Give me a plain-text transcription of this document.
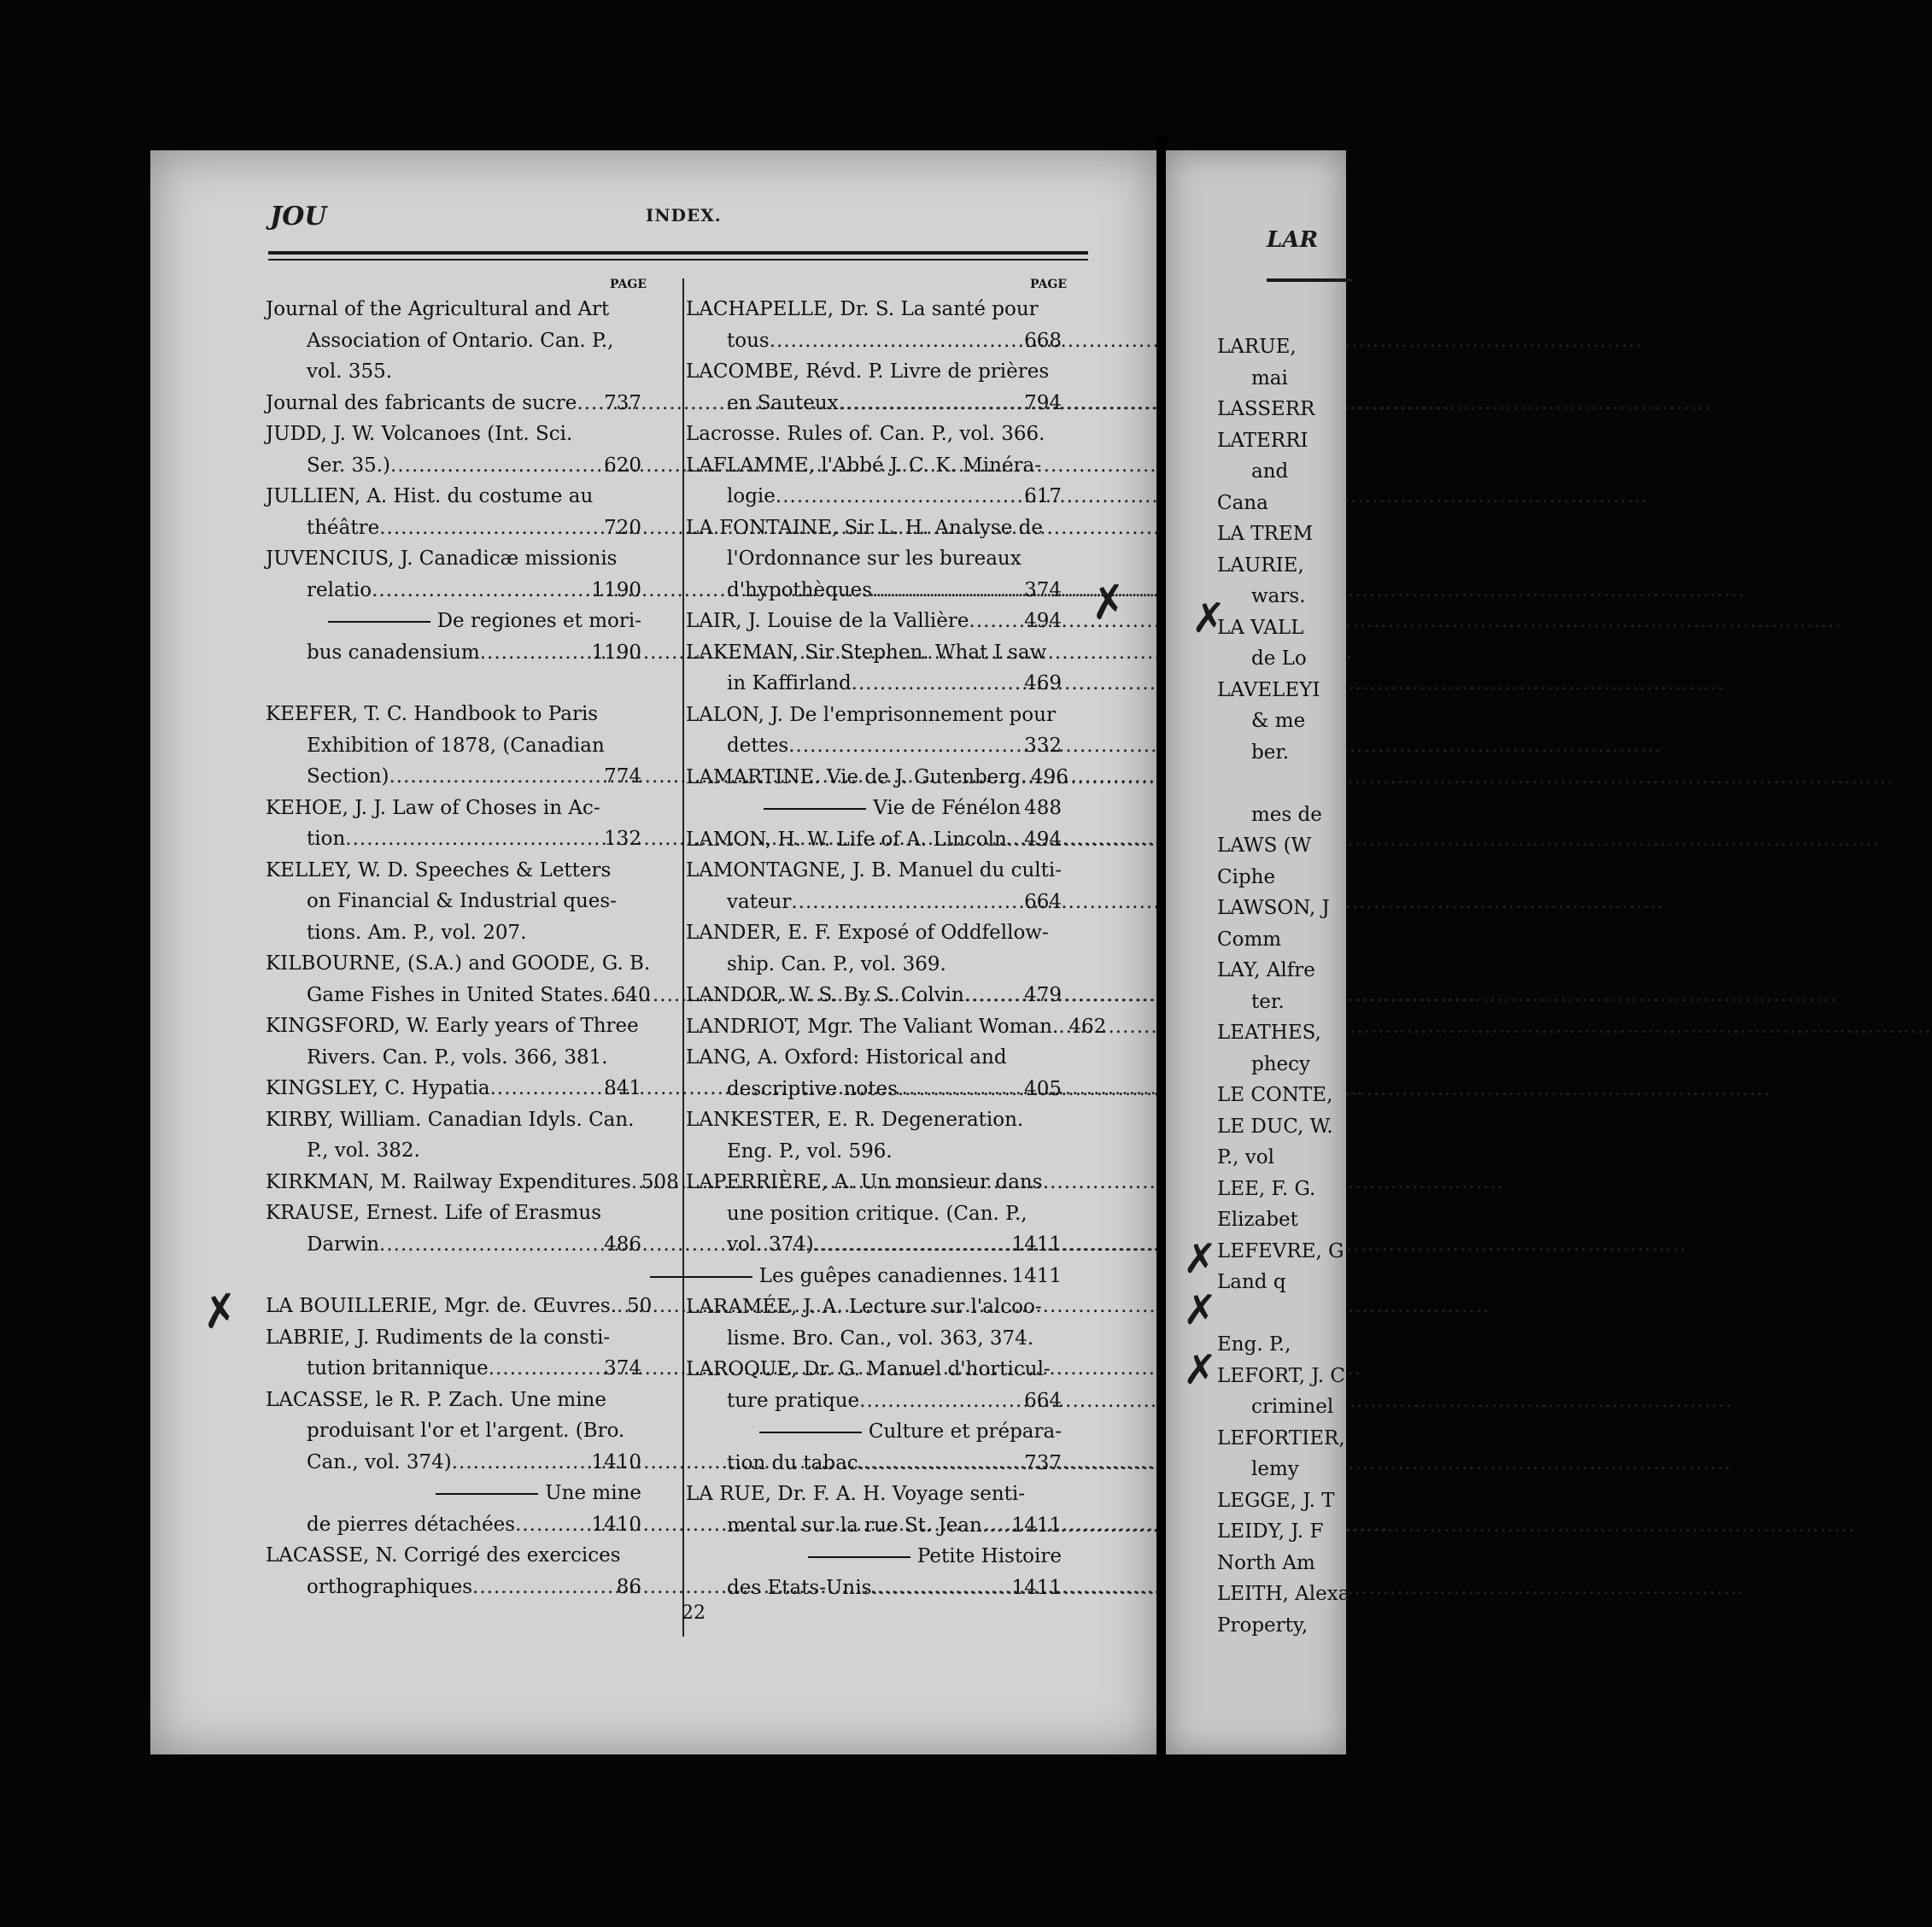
JOU	INDEX.
PAGE
Journal of the Agricultural and Art
Association of Ontario. Can. P.,
vol. 355.
Journal des fabricants de sucre ..... 737
JUDD, J. W. Volcanoes (Int. Sci.
Ser. 35.) .....	620
JULLIEN, A. Hist. du costume au
théâtre .....	720
JUVENCIUS, J. Canadicæ missionis
relatio .....	1190
De regiones et mori-
bus canadensium .....	1190
KEEFER, T. C. Handbook to Paris
Exhibition of 1878, (Canadian
Section) .....	774
KEHOE, J. J. Law of Choses in Ac-
tion .....	132
KELLEY, W. D. Speeches & Letters
on Financial & Industrial ques-
tions. Am. P., vol. 207.
KILBOURNE, (S.A.) and GOODE, G. B.
Game Fishes in United States ..... 640
KINGSFORD, W. Early years of Three
Rivers. Can. P., vols. 366, 381.
KINGSLEY, C. Hypatia .....	841
KIRBY, William. Canadian Idyls. Can.
P., vol. 382.
KIRKMAN, M. Railway Expenditures ..... 508
KRAUSE, Ernest. Life of Erasmus
Darwin .....	486
LA BOUILLERIE, Mgr. de. Œuvres. ..... 50
LABRIE, J. Rudiments de la consti-
tution britannique .....	374
LACASSE, le R. P. Zach. Une mine
produisant l'or et l'argent. (Bro.
Can., vol. 374) .....	1410
Une mine
de pierres détachées .....	1410
LACASSE, N. Corrigé des exercices
orthographiques .....	86
PAGE
LACHAPELLE, Dr. S. La santé pour
tous .....	668
LACOMBE, Révd. P. Livre de prières
en Sauteux .....	794
Lacrosse. Rules of. Can. P., vol. 366.
LAFLAMME, l'Abbé J. C. K. Minéra-
logie .....	617
LA FONTAINE, Sir L. H. Analyse de
l'Ordonnance sur les bureaux
d'hypothèques .....	374
LAIR, J. Louise de la Vallière .....	494
LAKEMAN, Sir Stephen. What I saw
in Kaffirland .....	469
LALON, J. De l'emprisonnement pour
dettes .....	332
LAMARTINE. Vie de J. Gutenberg ..... 496
Vie de Fénélon 488
LAMON, H. W. Life of A. Lincoln ..... 494
LAMONTAGNE, J. B. Manuel du culti-
vateur .....	664
LANDER, E. F. Exposé of Oddfellow-
ship. Can. P., vol. 369.
LANDOR, W. S. By S. Colvin .....	479
LANDRIOT, Mgr. The Valiant Woman. ..... 462
LANG, A. Oxford: Historical and
descriptive notes .....	405
LANKESTER, E. R. Degeneration.
Eng. P., vol. 596.
LAPERRIÈRE, A. Un monsieur dans
une position critique. (Can. P.,
vol. 374) .....	1411
Les guêpes canadiennes. 1411
LARAMÉE, J. A. Lecture sur l'alcoo-
lisme. Bro. Can., vol. 363, 374.
LAROQUE, Dr. G. Manuel d'horticul-
ture pratique .....	664
Culture et prépara-
tion du tabac .....	737
LA RUE, Dr. F. A. H. Voyage senti-
mental sur la rue St. Jean ..... 1411
Petite Histoire
des Etats-Unis .....	1411
22
✗
✗
LAR
LARUE,
mai
LASSERR
LATERRI
and
Cana
LA TREM
LAURIE,
wars.
LA VALL
de Lo
LAVELEYI
& me
ber.

mes de
LAWS (W
Ciphe
LAWSON, J
Comm
LAY, Alfre
ter.
LEATHES,
phecy
LE CONTE,
LE DUC, W.
P., vol
LEE, F. G.
Elizabet
LEFEVRE, G
Land q

Eng. P.,
LEFORT, J. C
criminel
LEFORTIER,
lemy
LEGGE, J. T
LEIDY, J. F
North Am
LEITH, Alexa
Property,
✗
✗
✗
✗
